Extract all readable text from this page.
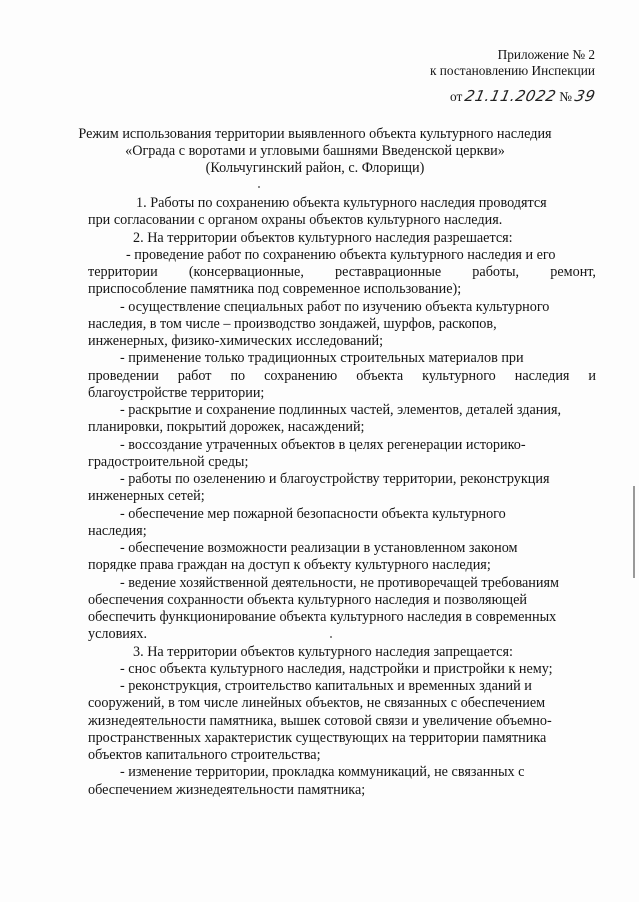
Приложение № 2
к постановлению Инспекции
от 21.11.2022 № 39
Режим использования территории выявленного объекта культурного наследия
«Ограда с воротами и угловыми башнями Введенской церкви»
(Кольчугинский район, с. Флорищи)
1. Работы по сохранению объекта культурного наследия проводятся
при согласовании с органом охраны объектов культурного наследия.
2. На территории объектов культурного наследия разрешается:
- проведение работ по сохранению объекта культурного наследия и его
территории (консервационные, реставрационные работы, ремонт,
приспособление памятника под современное использование);
- осуществление специальных работ по изучению объекта культурного
наследия, в том числе – производство зондажей, шурфов, раскопов,
инженерных, физико-химических исследований;
- применение только традиционных строительных материалов при
проведении работ по сохранению объекта культурного наследия и
благоустройстве территории;
- раскрытие и сохранение подлинных частей, элементов, деталей здания,
планировки, покрытий дорожек, насаждений;
- воссоздание утраченных объектов в целях регенерации историко-
градостроительной среды;
- работы по озеленению и благоустройству территории, реконструкция
инженерных сетей;
- обеспечение мер пожарной безопасности объекта культурного
наследия;
- обеспечение возможности реализации в установленном законом
порядке права граждан на доступ к объекту культурного наследия;
- ведение хозяйственной деятельности, не противоречащей требованиям
обеспечения сохранности объекта культурного наследия и позволяющей
обеспечить функционирование объекта культурного наследия в современных
условиях.
3. На территории объектов культурного наследия запрещается:
- снос объекта культурного наследия, надстройки и пристройки к нему;
- реконструкция, строительство капитальных и временных зданий и
сооружений, в том числе линейных объектов, не связанных с обеспечением
жизнедеятельности памятника, вышек сотовой связи и увеличение объемно-
пространственных характеристик существующих на территории памятника
объектов капитального строительства;
- изменение территории, прокладка коммуникаций, не связанных с
обеспечением жизнедеятельности памятника;
